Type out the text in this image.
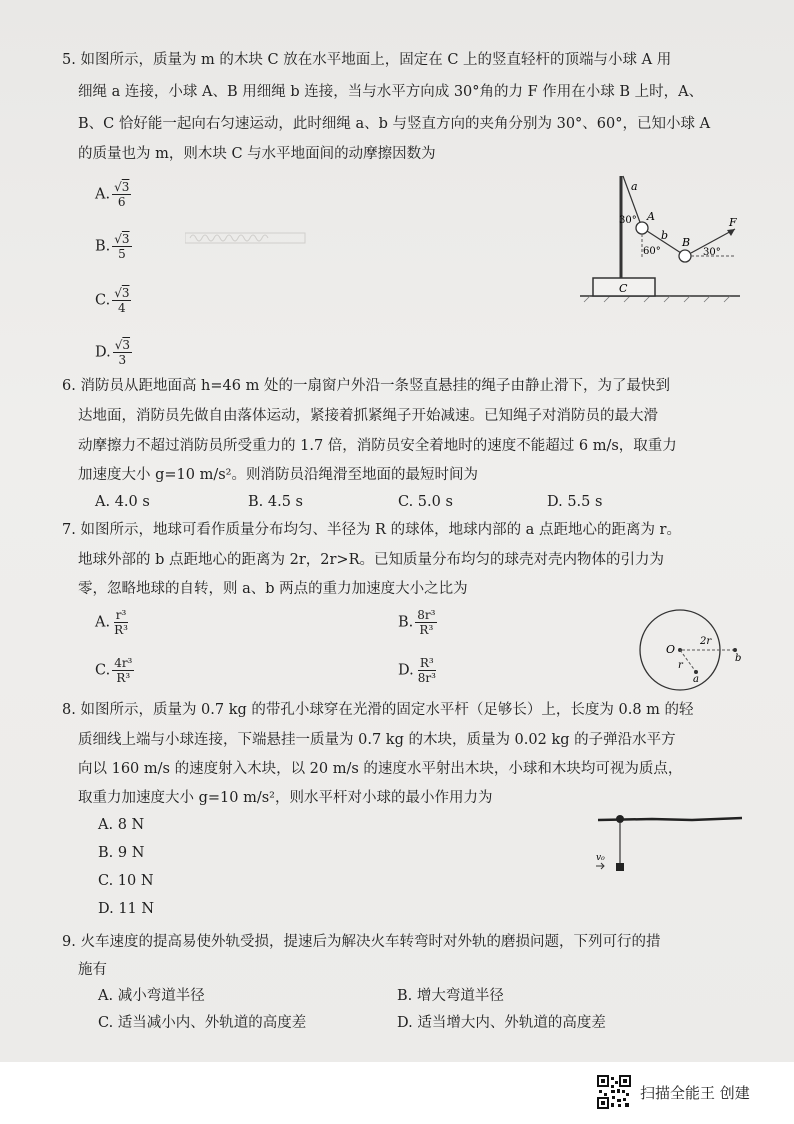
5. 如图所示，质量为 m 的木块 C 放在水平地面上，固定在 C 上的竖直轻杆的顶端与小球 A 用
细绳 a 连接，小球 A、B 用细绳 b 连接，当与水平方向成 30°角的力 F 作用在小球 B 上时，A、
B、C 恰好能一起向右匀速运动，此时细绳 a、b 与竖直方向的夹角分别为 30°、60°，已知小球 A
的质量也为 m，则木块 C 与水平地面间的动摩擦因数为
A. $\frac{√3}{6}$
B. $\frac{√3}{5}$
C. $\frac{√3}{4}$
D. $\frac{√3}{3}$
C
a
30° A
b
60°
B
F
30°
6. 消防员从距地面高 h=46 m 处的一扇窗户外沿一条竖直悬挂的绳子由静止滑下，为了最快到
达地面，消防员先做自由落体运动，紧接着抓紧绳子开始减速。已知绳子对消防员的最大滑
动摩擦力不超过消防员所受重力的 1.7 倍，消防员安全着地时的速度不能超过 6 m/s，取重力
加速度大小 g=10 m/s²。则消防员沿绳滑至地面的最短时间为
A. 4.0 s	B. 4.5 s	C. 5.0 s	D. 5.5 s
7. 如图所示，地球可看作质量分布均匀、半径为 R 的球体，地球内部的 a 点距地心的距离为 r。
地球外部的 b 点距地心的距离为 2r，2r>R。已知质量分布均匀的球壳对壳内物体的引力为
零，忽略地球的自转，则 a、b 两点的重力加速度大小之比为
A. $\frac{\text{r³}}{\text{R³}}$	B. $\frac{\text{8r³}}{\text{R³}}$
C. $\frac{\text{4r³}}{\text{R³}}$	D. $\frac{\text{R³}}{\text{8r³}}$
O
2r
b
r
a
8. 如图所示，质量为 0.7 kg 的带孔小球穿在光滑的固定水平杆（足够长）上，长度为 0.8 m 的轻
质细线上端与小球连接，下端悬挂一质量为 0.7 kg 的木块，质量为 0.02 kg 的子弹沿水平方
向以 160 m/s 的速度射入木块，以 20 m/s 的速度水平射出木块，小球和木块均可视为质点，
取重力加速度大小 g=10 m/s²，则水平杆对小球的最小作用力为
A. 8 N
B. 9 N
C. 10 N
D. 11 N
v₀
9. 火车速度的提高易使外轨受损，提速后为解决火车转弯时对外轨的磨损问题，下列可行的措
施有
A. 减小弯道半径	B. 增大弯道半径
C. 适当减小内、外轨道的高度差	D. 适当增大内、外轨道的高度差
扫描全能王 创建
